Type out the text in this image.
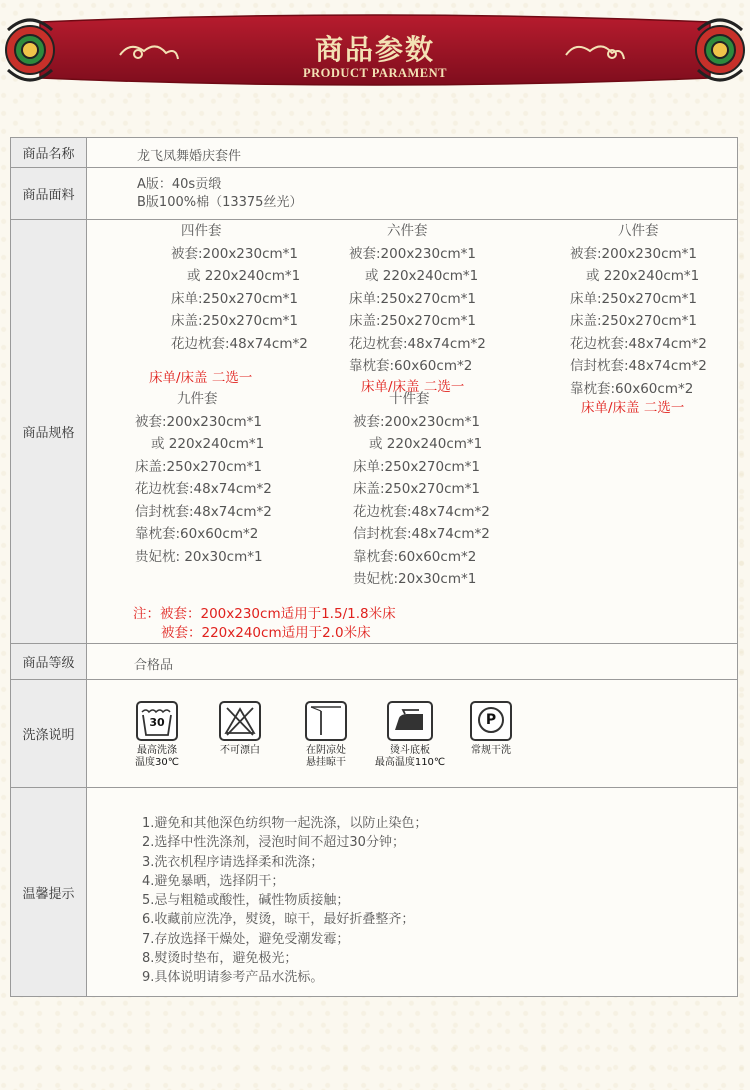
商品参数
PRODUCT PARAMENT
商品名称	龙飞凤舞婚庆套件
商品面料
A版：40s贡缎
B版100%棉（13375丝光）
商品规格
四件套
被套:200x230cm*1
或 220x240cm*1
床单:250x270cm*1
床盖:250x270cm*1
花边枕套:48x74cm*2
床单/床盖 二选一
六件套
被套:200x230cm*1
或 220x240cm*1
床单:250x270cm*1
床盖:250x270cm*1
花边枕套:48x74cm*2
靠枕套:60x60cm*2
床单/床盖 二选一
八件套
被套:200x230cm*1
或 220x240cm*1
床单:250x270cm*1
床盖:250x270cm*1
花边枕套:48x74cm*2
信封枕套:48x74cm*2
靠枕套:60x60cm*2
床单/床盖 二选一
九件套
被套:200x230cm*1
或 220x240cm*1
床盖:250x270cm*1
花边枕套:48x74cm*2
信封枕套:48x74cm*2
靠枕套:60x60cm*2
贵妃枕: 20x30cm*1
十件套
被套:200x230cm*1
或 220x240cm*1
床单:250x270cm*1
床盖:250x270cm*1
花边枕套:48x74cm*2
信封枕套:48x74cm*2
靠枕套:60x60cm*2
贵妃枕:20x30cm*1
注：被套：200x230cm适用于1.5/1.8米床
被套：220x240cm适用于2.0米床
商品等级	合格品
洗涤说明
30
最高洗涤
温度30℃
不可漂白	在阴凉处
悬挂晾干
烫斗底板
最高温度110℃
P
常规干洗
温馨提示
1.避免和其他深色纺织物一起洗涤，以防止染色；
2.选择中性洗涤剂，浸泡时间不超过30分钟；
3.洗衣机程序请选择柔和洗涤；
4.避免暴晒，选择阴干；
5.忌与粗糙或酸性，碱性物质接触；
6.收藏前应洗净，熨烫，晾干，最好折叠整齐；
7.存放选择干燥处，避免受潮发霉；
8.熨烫时垫布，避免极光；
9.具体说明请参考产品水洗标。
